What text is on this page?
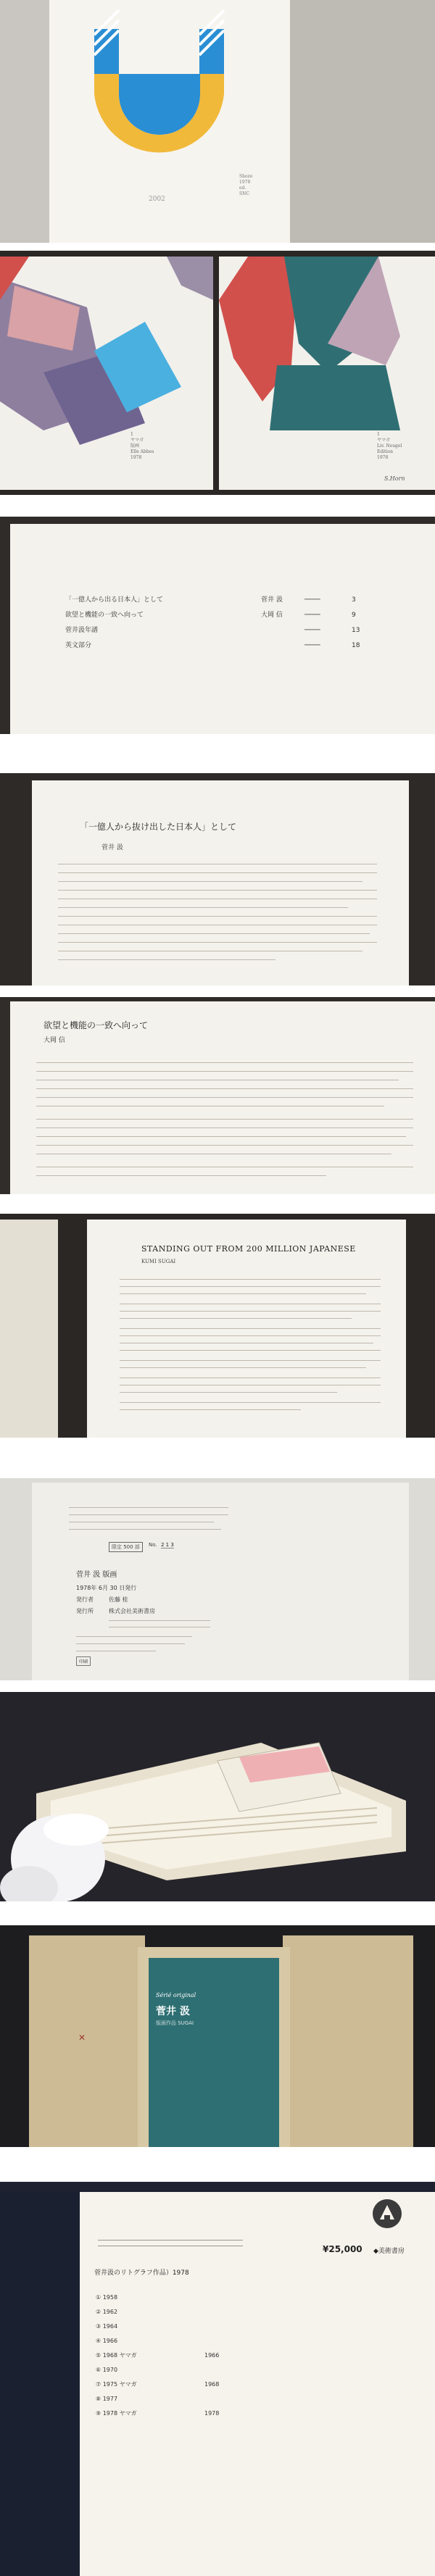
2002
Shozo
1978
ed.
SNC
1
ヤマガ
版画
Elle Abbes
1978
1
ヤマガ
Liv. Neugel
Edition
1978
S.Horn
「一億人から出る日本人」として	菅井 汲	────	3
欲望と機能の一致へ向って	大岡 信	────	9
菅井汲年譜	────	13
英文部分	────	18
「一億人から抜け出した日本人」として
菅井 汲
欲望と機能の一致へ向って
大岡 信
STANDING OUT FROM 200 MILLION JAPANESE
KUMI SUGAI
限定 500 部	No. 2 1 3
菅井 汲 版画
1978年 6月 30 日発行
発行者	佐藤 桂
発行所	株式会社美術書房
印刷
Sérié original
菅井 汲
版画作品 SUGAI
✕
¥25,000 ◆美術書房
菅井汲のリトグラフ作品）1978
① 1958
② 1962
③ 1964
④ 1966
⑤ 1968 ヤマガ	1966
⑥ 1970
⑦ 1975 ヤマガ	1968
⑧ 1977
⑨ 1978 ヤマガ	1978
